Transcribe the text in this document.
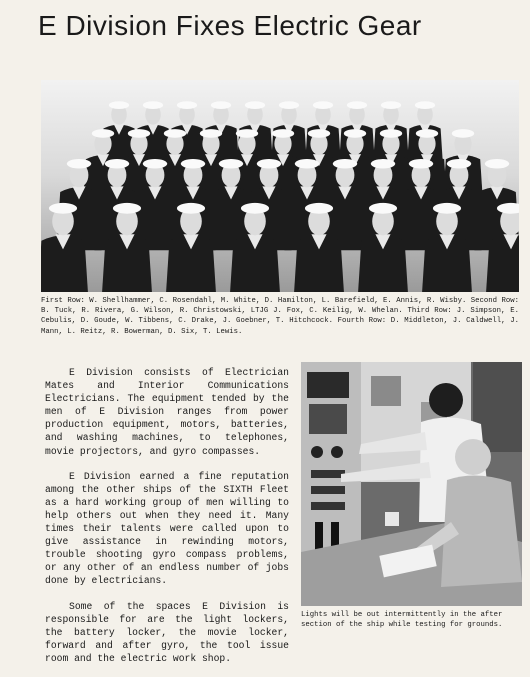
E Division Fixes Electric Gear
First Row: W. Shellhammer, C. Rosendahl, M. White, D. Hamilton, L. Barefield, E. Annis, R. Wisby. Second Row: B. Tuck, R. Rivera, G. Wilson, R. Christowski, LTJG J. Fox, C. Keilig, W. Whelan. Third Row: J. Simpson, E. Cebulis, D. Goude, W. Tibbens, C. Drake, J. Goebner, T. Hitchcock. Fourth Row: D. Middleton, J. Caldwell, J. Mann, L. Reitz, R. Bowerman, D. Six, T. Lewis.

E Division consists of Electrician Mates and Interior Communications Electricians. The equipment tended by the men of E Division ranges from power production equipment, motors, batteries, and washing machines, to telephones, movie projectors, and gyro compasses.

E Division earned a fine reputation among the other ships of the SIXTH Fleet as a hard working group of men willing to help others out when they need it. Many times their talents were called upon to give assistance in rewinding motors, trouble shooting gyro compass problems, or any other of an endless number of jobs done by electricians.

Some of the spaces E Division is responsible for are the light lockers, the battery locker, the movie locker, forward and after gyro, the tool issue room and the electric work shop.

Lights will be out intermittently in the after section of the ship while testing for grounds.
